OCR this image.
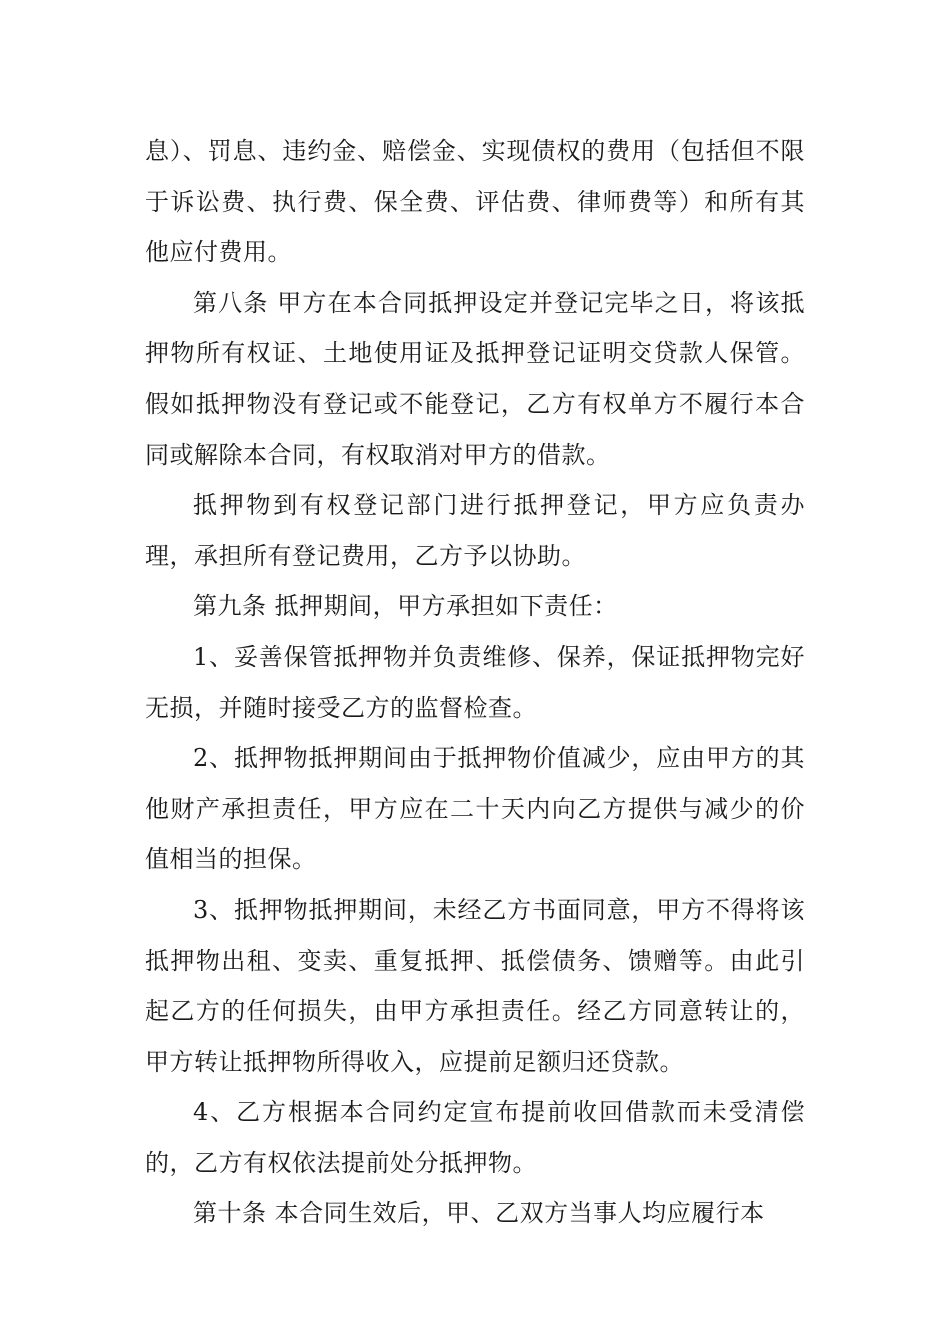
息）、罚息、违约金、赔偿金、实现债权的费用（包括但不限于诉讼费、执行费、保全费、评估费、律师费等）和所有其他应付费用。

第八条 甲方在本合同抵押设定并登记完毕之日，将该抵押物所有权证、土地使用证及抵押登记证明交贷款人保管。假如抵押物没有登记或不能登记，乙方有权单方不履行本合同或解除本合同，有权取消对甲方的借款。

抵押物到有权登记部门进行抵押登记，甲方应负责办理，承担所有登记费用，乙方予以协助。

第九条 抵押期间，甲方承担如下责任：

1、妥善保管抵押物并负责维修、保养，保证抵押物完好无损，并随时接受乙方的监督检查。

2、抵押物抵押期间由于抵押物价值减少，应由甲方的其他财产承担责任，甲方应在二十天内向乙方提供与减少的价值相当的担保。

3、抵押物抵押期间，未经乙方书面同意，甲方不得将该抵押物出租、变卖、重复抵押、抵偿债务、馈赠等。由此引起乙方的任何损失，由甲方承担责任。经乙方同意转让的，甲方转让抵押物所得收入，应提前足额归还贷款。

4、乙方根据本合同约定宣布提前收回借款而未受清偿的，乙方有权依法提前处分抵押物。

第十条 本合同生效后，甲、乙双方当事人均应履行本
